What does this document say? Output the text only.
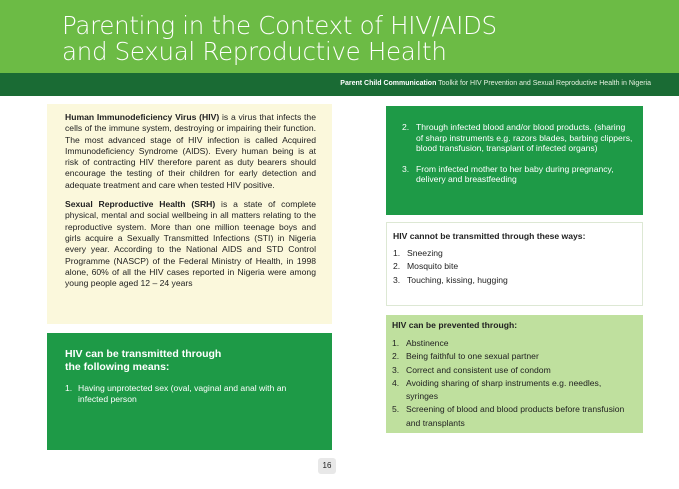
Parenting in the Context of HIV/AIDS
and Sexual Reproductive Health
Parent Child Communication Toolkit for HIV Prevention and Sexual Reproductive Health in Nigeria

Human Immunodeficiency Virus (HIV) is a virus that infects the cells of the immune system, destroying or impairing their function. The most advanced stage of HIV infection is called Acquired Immunodeficiency Syndrome (AIDS). Every human being is at risk of contracting HIV therefore parent as duty bearers should encourage the testing of their children for early detection and adequate treatment and care when tested HIV positive.

Sexual Reproductive Health (SRH) is a state of complete physical, mental and social wellbeing in all matters relating to the reproductive system. More than one million teenage boys and girls acquire a Sexually Transmitted Infections (STI) in Nigeria every year. According to the National AIDS and STD Control Programme (NASCP) of the Federal Ministry of Health, in 1998 alone, 60% of all the HIV cases reported in Nigeria were among young people aged 12 – 24 years

HIV can be transmitted through
the following means:
1. Having unprotected sex (oval, vaginal and anal with an infected person
2. Through infected blood and/or blood products. (sharing of sharp instruments e.g. razors blades, barbing clippers, blood transfusion, transplant of infected organs)
3. From infected mother to her baby during pregnancy, delivery and breastfeeding
HIV cannot be transmitted through these ways:
1. Sneezing
2. Mosquito bite
3. Touching, kissing, hugging
HIV can be prevented through:
1. Abstinence
2. Being faithful to one sexual partner
3. Correct and consistent use of condom
4. Avoiding sharing of sharp instruments e.g. needles, syringes
5. Screening of blood and blood products before transfusion and transplants
16
